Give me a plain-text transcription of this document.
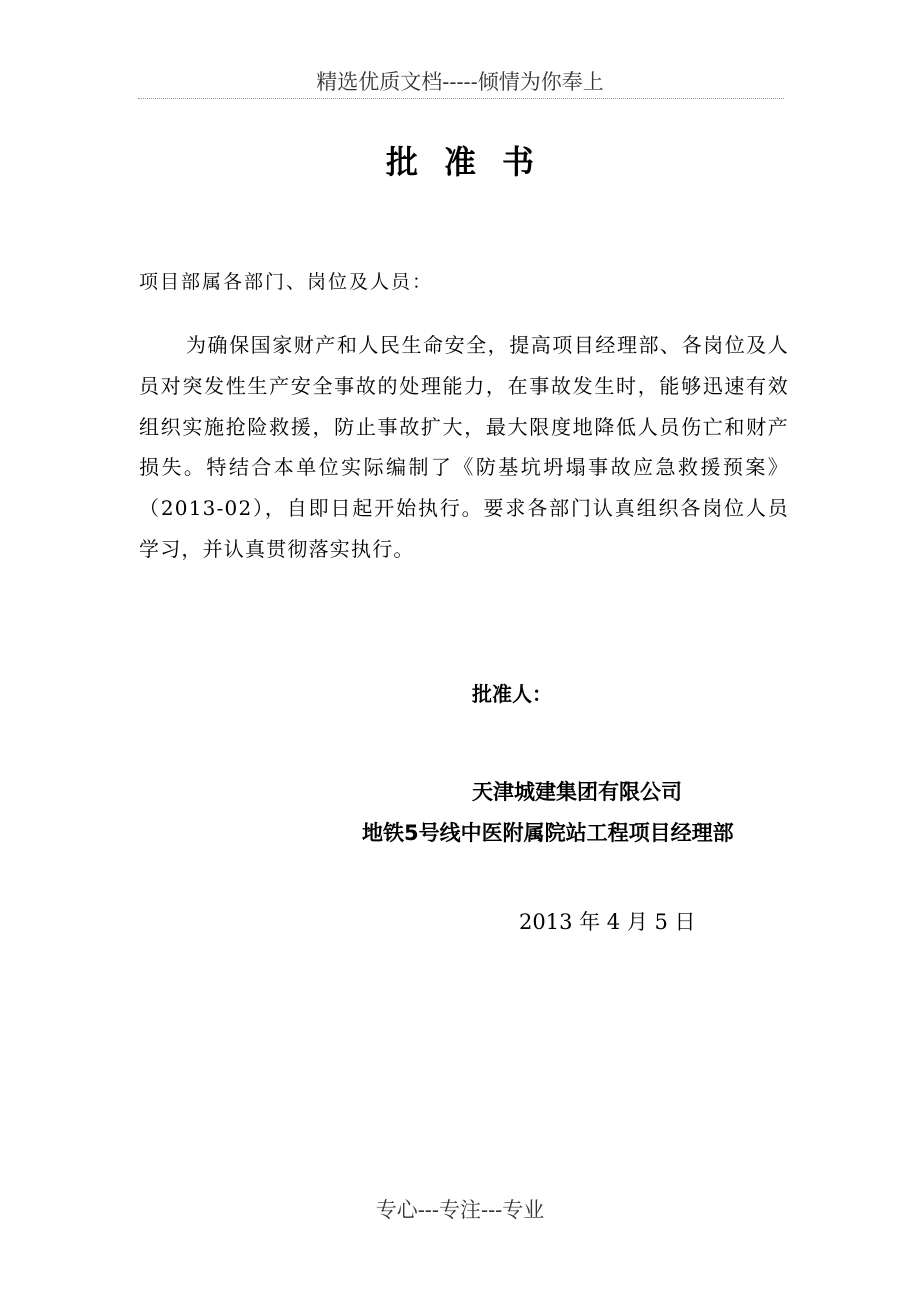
精选优质文档-----倾情为你奉上
批准书
项目部属各部门、岗位及人员：

为确保国家财产和人民生命安全，提高项目经理部、各岗位及人员对突发性生产安全事故的处理能力，在事故发生时，能够迅速有效组织实施抢险救援，防止事故扩大，最大限度地降低人员伤亡和财产损失。特结合本单位实际编制了《防基坑坍塌事故应急救援预案》（2013-02），自即日起开始执行。要求各部门认真组织各岗位人员学习，并认真贯彻落实执行。

批准人：
天津城建集团有限公司
地铁5号线中医附属院站工程项目经理部
2013 年 4 月 5 日
专心---专注---专业
